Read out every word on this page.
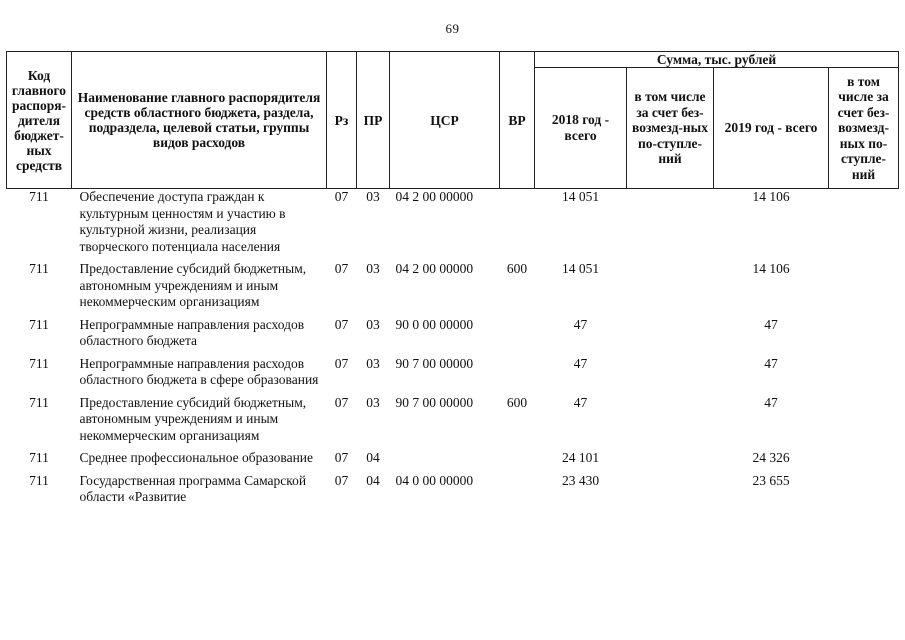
69
Код главного распоря-дителя бюджет-ных средств	Наименование главного распорядителя средств областного бюджета, раздела, подраздела, целевой статьи, группы видов расходов	Рз	ПР	ЦСР	ВР	Сумма, тыс. рублей			
						2018 год - всего	в том числе за счет без-возмезд-ных по-ступле-ний	2019 год - всего	в том числе за счет без-возмезд-ных по-ступле-ний
711	Обеспечение доступа граждан к культурным ценностям и участию в культурной жизни, реализация творческого потенциала населения	07	03	04 2 00 00000		14 051		14 106	
711	Предоставление субсидий бюджетным, автономным учреждениям и иным некоммерческим организациям	07	03	04 2 00 00000	600	14 051		14 106	
711	Непрограммные направления расходов областного бюджета	07	03	90 0 00 00000		47		47	
711	Непрограммные направления расходов областного бюджета в сфере образования	07	03	90 7 00 00000		47		47	
711	Предоставление субсидий бюджетным, автономным учреждениям и иным некоммерческим организациям	07	03	90 7 00 00000	600	47		47	
711	Среднее профессиональное образование	07	04			24 101		24 326	
711	Государственная программа Самарской области «Развитие	07	04	04 0 00 00000		23 430		23 655	
